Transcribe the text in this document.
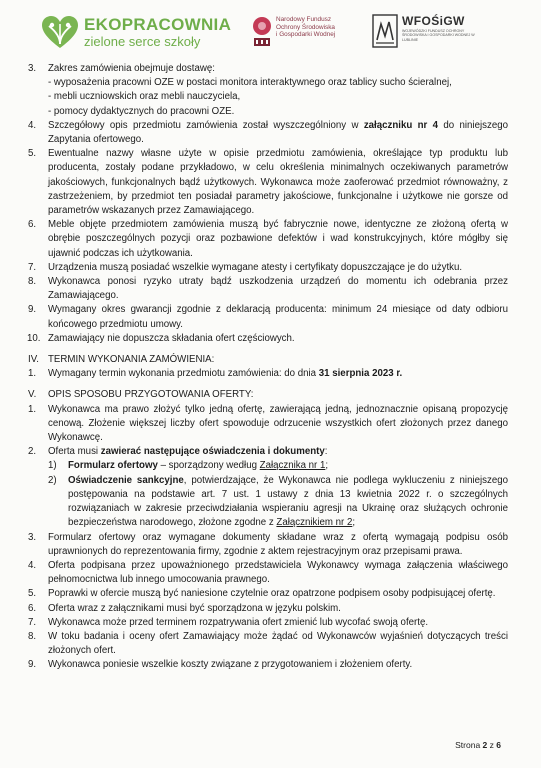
EKOPRACOWNIA
zielone serce szkoły
Narodowy Fundusz
Ochrony Środowiska
i Gospodarki Wodnej
WFOŚiGW
WOJEWÓDZKI FUNDUSZ OCHRONY ŚRODOWISKA I GOSPODARKI WODNEJ W LUBLINIE
3. Zakres zamówienia obejmuje dostawę:
- wyposażenia pracowni OZE w postaci monitora interaktywnego oraz tablicy sucho ścieralnej,
- mebli uczniowskich oraz mebli nauczyciela,
- pomocy dydaktycznych do pracowni OZE.
4. Szczegółowy opis przedmiotu zamówienia został wyszczególniony w załączniku nr 4 do niniejszego Zapytania ofertowego.
5. Ewentualne nazwy własne użyte w opisie przedmiotu zamówienia, określające typ produktu lub producenta, zostały podane przykładowo, w celu określenia minimalnych oczekiwanych parametrów jakościowych, funkcjonalnych bądź użytkowych. Wykonawca może zaoferować przedmiot równoważny, z zastrzeżeniem, by przedmiot ten posiadał parametry jakościowe, funkcjonalne i użytkowe nie gorsze od parametrów wskazanych przez Zamawiającego.
6. Meble objęte przedmiotem zamówienia muszą być fabrycznie nowe, identyczne ze złożoną ofertą w obrębie poszczególnych pozycji oraz pozbawione defektów i wad konstrukcyjnych, które mógłby się ujawnić podczas ich użytkowania.
7. Urządzenia muszą posiadać wszelkie wymagane atesty i certyfikaty dopuszczające je do użytku.
8. Wykonawca ponosi ryzyko utraty bądź uszkodzenia urządzeń do momentu ich odebrania przez Zamawiającego.
9. Wymagany okres gwarancji zgodnie z deklaracją producenta: minimum 24 miesiące od daty odbioru końcowego przedmiotu umowy.
10. Zamawiający nie dopuszcza składania ofert częściowych.
IV. TERMIN WYKONANIA ZAMÓWIENIA:
1. Wymagany termin wykonania przedmiotu zamówienia: do dnia 31 sierpnia 2023 r.
V. OPIS SPOSOBU PRZYGOTOWANIA OFERTY:
1. Wykonawca ma prawo złożyć tylko jedną ofertę, zawierającą jedną, jednoznacznie opisaną propozycję cenową. Złożenie większej liczby ofert spowoduje odrzucenie wszystkich ofert złożonych przez danego Wykonawcę.
2. Oferta musi zawierać następujące oświadczenia i dokumenty:
1) Formularz ofertowy – sporządzony według Załącznika nr 1;
2) Oświadczenie sankcyjne, potwierdzające, że Wykonawca nie podlega wykluczeniu z niniejszego postępowania na podstawie art. 7 ust. 1 ustawy z dnia 13 kwietnia 2022 r. o szczególnych rozwiązaniach w zakresie przeciwdziałania wspieraniu agresji na Ukrainę oraz służących ochronie bezpieczeństwa narodowego, złożone zgodne z Załącznikiem nr 2;
3. Formularz ofertowy oraz wymagane dokumenty składane wraz z ofertą wymagają podpisu osób uprawnionych do reprezentowania firmy, zgodnie z aktem rejestracyjnym oraz przepisami prawa.
4. Oferta podpisana przez upoważnionego przedstawiciela Wykonawcy wymaga załączenia właściwego pełnomocnictwa lub innego umocowania prawnego.
5. Poprawki w ofercie muszą być naniesione czytelnie oraz opatrzone podpisem osoby podpisującej ofertę.
6. Oferta wraz z załącznikami musi być sporządzona w języku polskim.
7. Wykonawca może przed terminem rozpatrywania ofert zmienić lub wycofać swoją ofertę.
8. W toku badania i oceny ofert Zamawiający może żądać od Wykonawców wyjaśnień dotyczących treści złożonych ofert.
9. Wykonawca poniesie wszelkie koszty związane z przygotowaniem i złożeniem oferty.
Strona 2 z 6
